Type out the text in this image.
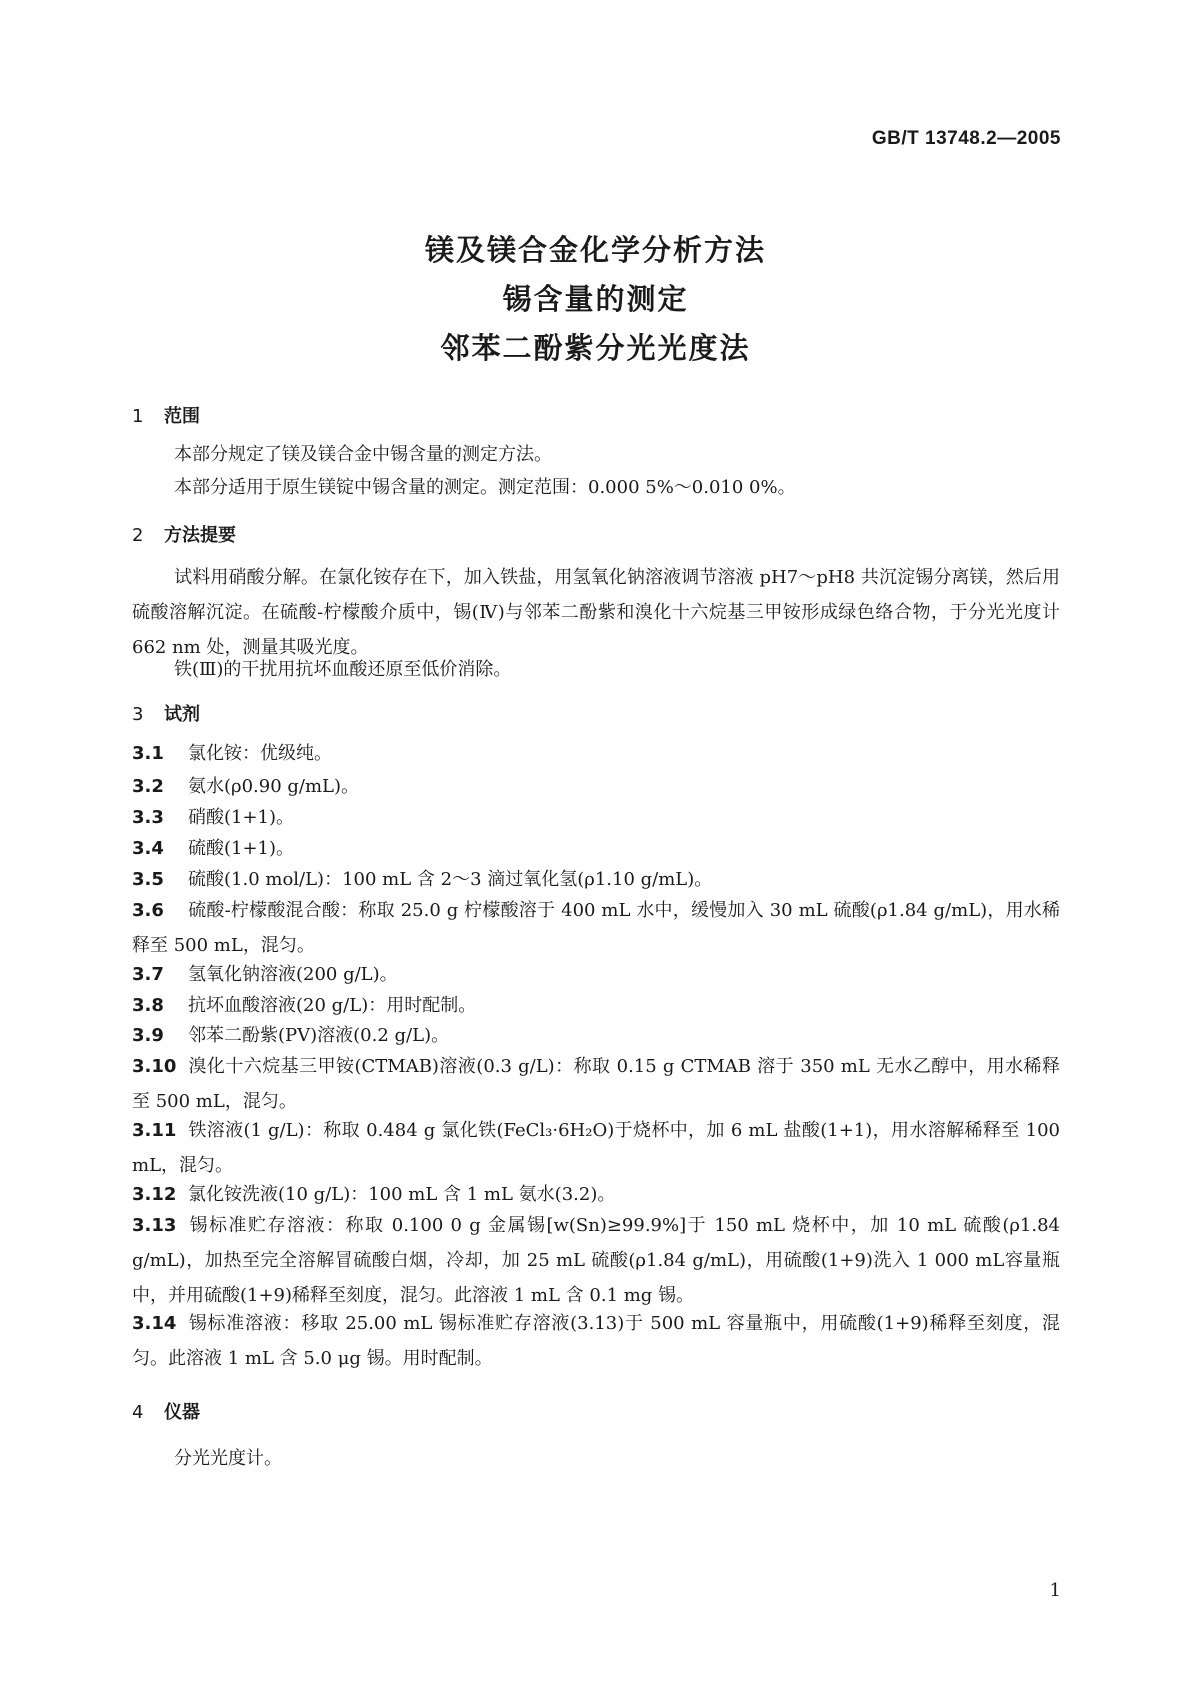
GB/T 13748.2—2005
镁及镁合金化学分析方法
锡含量的测定
邻苯二酚紫分光光度法
1 范围
本部分规定了镁及镁合金中锡含量的测定方法。
本部分适用于原生镁锭中锡含量的测定。测定范围：0.000 5%～0.010 0%。
2 方法提要
试料用硝酸分解。在氯化铵存在下，加入铁盐，用氢氧化钠溶液调节溶液 pH7～pH8 共沉淀锡分离镁，然后用硫酸溶解沉淀。在硫酸-柠檬酸介质中，锡(Ⅳ)与邻苯二酚紫和溴化十六烷基三甲铵形成绿色络合物，于分光光度计 662 nm 处，测量其吸光度。
铁(Ⅲ)的干扰用抗坏血酸还原至低价消除。
3 试剂
3.1 氯化铵：优级纯。
3.2 氨水(ρ0.90 g/mL)。
3.3 硝酸(1+1)。
3.4 硫酸(1+1)。
3.5 硫酸(1.0 mol/L)：100 mL 含 2～3 滴过氧化氢(ρ1.10 g/mL)。
3.6 硫酸-柠檬酸混合酸：称取 25.0 g 柠檬酸溶于 400 mL 水中，缓慢加入 30 mL 硫酸(ρ1.84 g/mL)，用水稀释至 500 mL，混匀。
3.7 氢氧化钠溶液(200 g/L)。
3.8 抗坏血酸溶液(20 g/L)：用时配制。
3.9 邻苯二酚紫(PV)溶液(0.2 g/L)。
3.10 溴化十六烷基三甲铵(CTMAB)溶液(0.3 g/L)：称取 0.15 g CTMAB 溶于 350 mL 无水乙醇中，用水稀释至 500 mL，混匀。
3.11 铁溶液(1 g/L)：称取 0.484 g 氯化铁(FeCl₃·6H₂O)于烧杯中，加 6 mL 盐酸(1+1)，用水溶解稀释至 100 mL，混匀。
3.12 氯化铵洗液(10 g/L)：100 mL 含 1 mL 氨水(3.2)。
3.13 锡标准贮存溶液：称取 0.100 0 g 金属锡[w(Sn)≥99.9%]于 150 mL 烧杯中，加 10 mL 硫酸(ρ1.84 g/mL)，加热至完全溶解冒硫酸白烟，冷却，加 25 mL 硫酸(ρ1.84 g/mL)，用硫酸(1+9)洗入 1 000 mL容量瓶中，并用硫酸(1+9)稀释至刻度，混匀。此溶液 1 mL 含 0.1 mg 锡。
3.14 锡标准溶液：移取 25.00 mL 锡标准贮存溶液(3.13)于 500 mL 容量瓶中，用硫酸(1+9)稀释至刻度，混匀。此溶液 1 mL 含 5.0 μg 锡。用时配制。
4 仪器
分光光度计。
1
